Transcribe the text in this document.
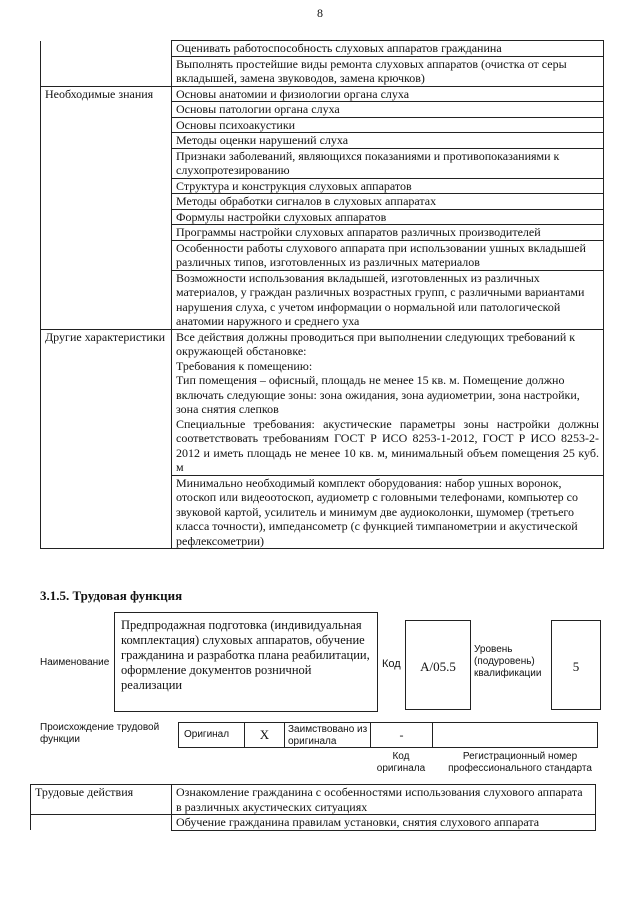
8
	Оценивать работоспособность слуховых аппаратов гражданина
	Выполнять простейшие виды ремонта слуховых аппаратов (очистка от серы вкладышей, замена звуководов, замена крючков)
Необходимые знания	Основы анатомии и физиологии органа слуха
	Основы патологии органа слуха
	Основы психоакустики
	Методы оценки нарушений слуха
	Признаки заболеваний, являющихся показаниями и противопоказаниями к слухопротезированию
	Структура и конструкция слуховых аппаратов
	Методы обработки сигналов в слуховых аппаратах
	Формулы настройки слуховых аппаратов
	Программы настройки слуховых аппаратов различных производителей
	Особенности работы слухового аппарата при использовании ушных вкладышей различных типов, изготовленных из различных материалов
	Возможности использования вкладышей, изготовленных из различных материалов, у граждан различных возрастных групп, с различными вариантами нарушения слуха, с учетом информации о нормальной или патологической анатомии наружного и среднего уха
Другие характеристики	Все действия должны проводиться при выполнении следующих требований к окружающей обстановке:
Требования к помещению:
Тип помещения – офисный, площадь не менее 15 кв. м. Помещение должно включать следующие зоны: зона ожидания, зона аудиометрии, зона настройки, зона снятия слепков
Специальные требования: акустические параметры зоны настройки должны соответствовать требованиям ГОСТ Р ИСО 8253-1-2012, ГОСТ Р ИСО 8253-2-2012 и иметь площадь не менее 10 кв. м, минимальный объем помещения 25 куб. м

	Минимально необходимый комплект оборудования: набор ушных воронок, отоскоп или видеоотоскоп, аудиометр с головными телефонами, компьютер со звуковой картой, усилитель и минимум две аудиоколонки, шумомер (третьего класса точности), импедансометр (с функцией тимпанометрии и акустической рефлексометрии)
3.1.5. Трудовая функция
Наименование
Предпродажная подготовка (индивидуальная комплектация) слуховых аппаратов, обучение гражданина и разработка плана реабилитации, оформление документов розничной реализации
Код	А/05.5
Уровень (подуровень) квалификации	5
Происхождение трудовой функции	Оригинал	X	Заимствовано из оригинала	-
Код оригинала
Регистрационный номер профессионального стандарта
Трудовые действия	Ознакомление гражданина с особенностями использования слухового аппарата в различных акустических ситуациях
	Обучение гражданина правилам установки, снятия слухового аппарата
